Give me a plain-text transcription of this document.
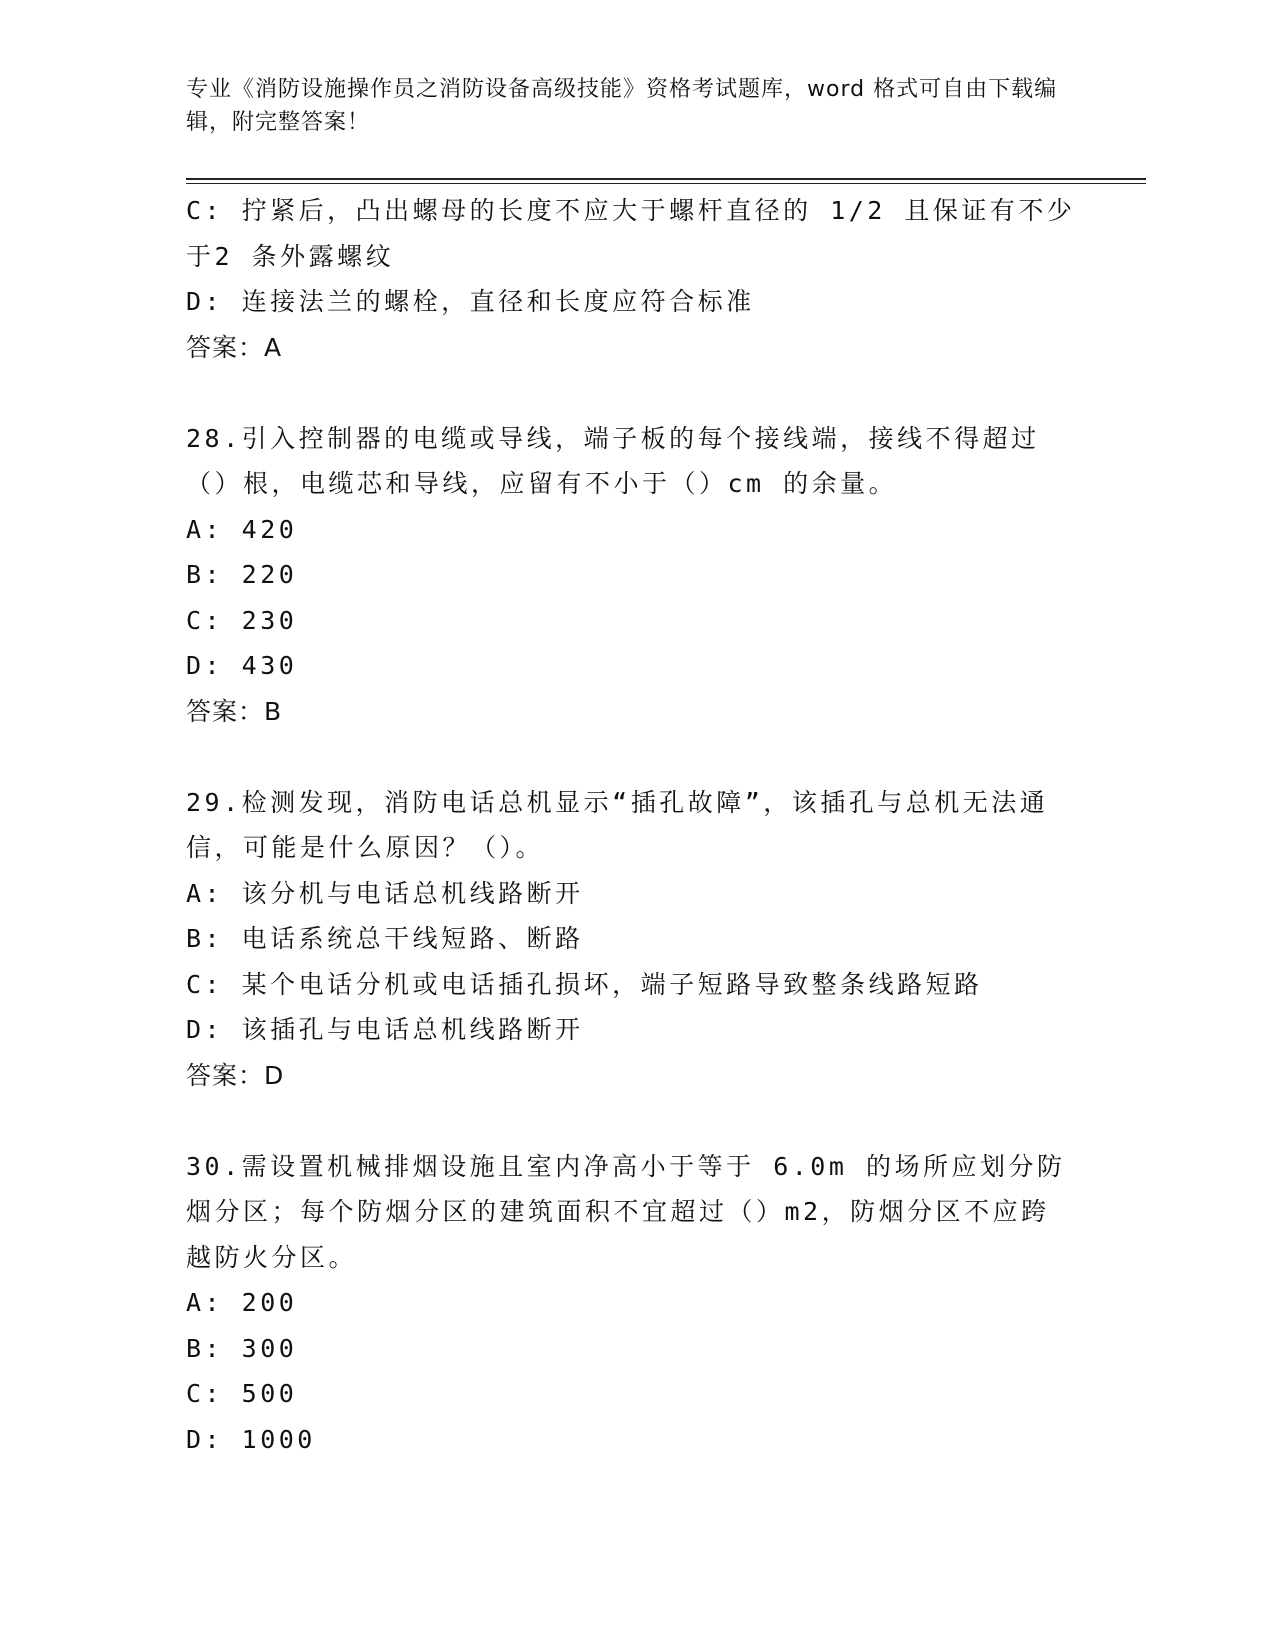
专业《消防设施操作员之消防设备高级技能》资格考试题库，word 格式可自由下载编辑，附完整答案！
C: 拧紧后，凸出螺母的长度不应大于螺杆直径的 1/2 且保证有不少于2 条外露螺纹
D: 连接法兰的螺栓，直径和长度应符合标准
答案：A
28.引入控制器的电缆或导线，端子板的每个接线端，接线不得超过（）根，电缆芯和导线，应留有不小于（）cm 的余量。
A: 420
B: 220
C: 230
D: 430
答案：B
29.检测发现，消防电话总机显示“插孔故障”，该插孔与总机无法通信，可能是什么原因？（）。
A: 该分机与电话总机线路断开
B: 电话系统总干线短路、断路
C: 某个电话分机或电话插孔损坏，端子短路导致整条线路短路
D: 该插孔与电话总机线路断开
答案：D
30.需设置机械排烟设施且室内净高小于等于 6.0m 的场所应划分防烟分区；每个防烟分区的建筑面积不宜超过（）m2，防烟分区不应跨越防火分区。
A: 200
B: 300
C: 500
D: 1000
